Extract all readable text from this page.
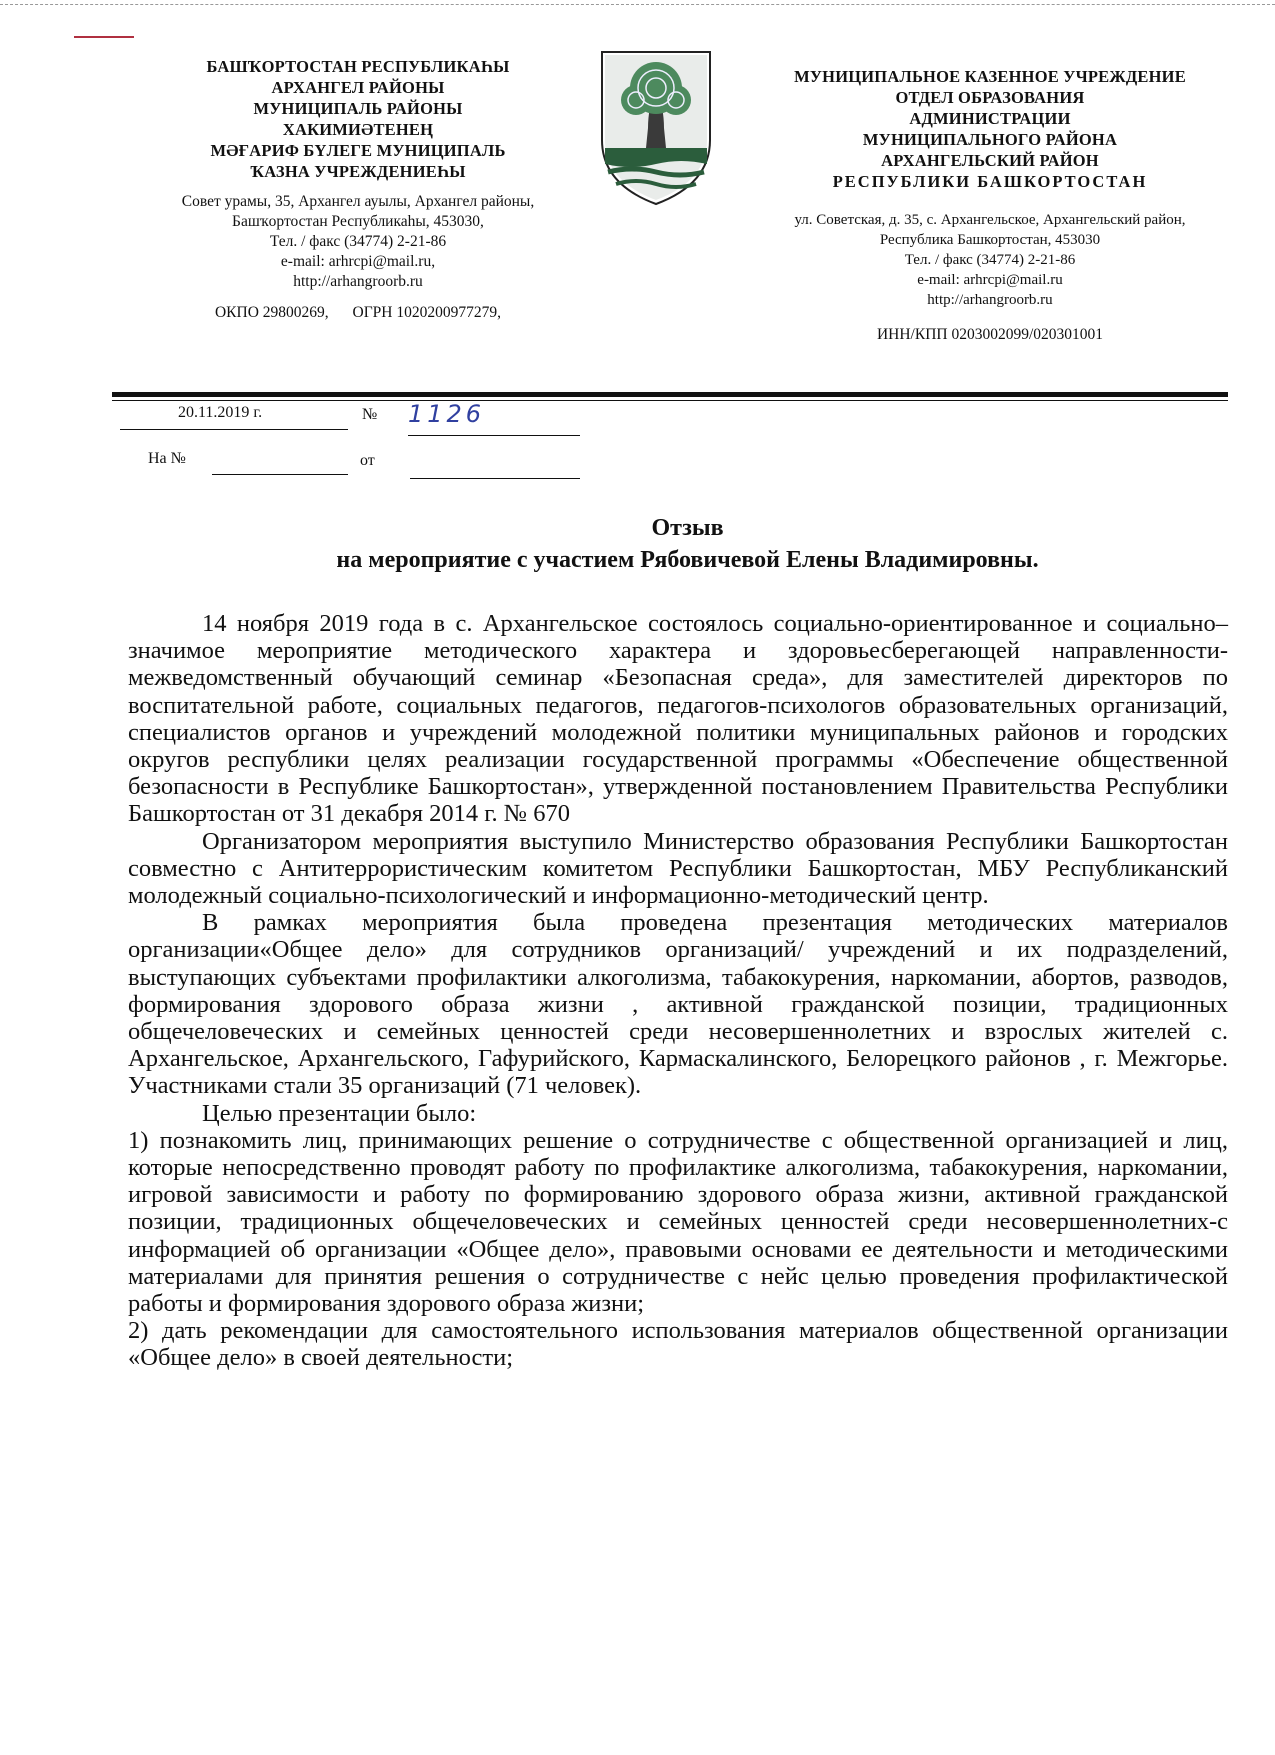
БАШҠОРТОСТАН РЕСПУБЛИКАҺЫ
АРХАНГЕЛ РАЙОНЫ
МУНИЦИПАЛЬ РАЙОНЫ
ХАКИМИӘТЕНЕҢ
МӘҒАРИФ БҮЛЕГЕ МУНИЦИПАЛЬ
ҠАЗНА УЧРЕЖДЕНИЕҺЫ
Совет урамы, 35, Архангел ауылы, Архангел районы,
Башҡортостан Республикаһы, 453030,
Тел. / факс (34774) 2-21-86
e-mail: arhrcpi@mail.ru,
http://arhangroorb.ru
ОКПО 29800269, ОГРН 1020200977279,
МУНИЦИПАЛЬНОЕ КАЗЕННОЕ УЧРЕЖДЕНИЕ
ОТДЕЛ ОБРАЗОВАНИЯ
АДМИНИСТРАЦИИ
МУНИЦИПАЛЬНОГО РАЙОНА
АРХАНГЕЛЬСКИЙ РАЙОН
РЕСПУБЛИКИ БАШКОРТОСТАН
ул. Советская, д. 35, с. Архангельское, Архангельский район,
Республика Башкортостан, 453030
Тел. / факс (34774) 2-21-86
e-mail: arhrcpi@mail.ru
http://arhangroorb.ru
ИНН/КПП 0203002099/020301001
20.11.2019 г.	№ 1126
На №	от
Отзыв
на мероприятие с участием Рябовичевой Елены Владимировны.

14 ноября 2019 года в с. Архангельское состоялось социально-ориентированное и социально–значимое мероприятие методического характера и здоровьесберегающей направленности-межведомственный обучающий семинар «Безопасная среда», для заместителей директоров по воспитательной работе, социальных педагогов, педагогов-психологов образовательных организаций, специалистов органов и учреждений молодежной политики муниципальных районов и городских округов республики целях реализации государственной программы «Обеспечение общественной безопасности в Республике Башкортостан», утвержденной постановлением Правительства Республики Башкортостан от 31 декабря 2014 г. № 670

Организатором мероприятия выступило Министерство образования Республики Башкортостан совместно с Антитеррористическим комитетом Республики Башкортостан, МБУ Республиканский молодежный социально-психологический и информационно-методический центр.

В рамках мероприятия была проведена презентация методических материалов организации«Общее дело» для сотрудников организаций/ учреждений и их подразделений, выступающих субъектами профилактики алкоголизма, табакокурения, наркомании, абортов, разводов, формирования здорового образа жизни , активной гражданской позиции, традиционных общечеловеческих и семейных ценностей среди несовершеннолетних и взрослых жителей с. Архангельское, Архангельского, Гафурийского, Кармаскалинского, Белорецкого районов , г. Межгорье. Участниками стали 35 организаций (71 человек).

Целью презентации было:

1) познакомить лиц, принимающих решение о сотрудничестве с общественной организацией и лиц, которые непосредственно проводят работу по профилактике алкоголизма, табакокурения, наркомании, игровой зависимости и работу по формированию здорового образа жизни, активной гражданской позиции, традиционных общечеловеческих и семейных ценностей среди несовершеннолетних-с информацией об организации «Общее дело», правовыми основами ее деятельности и методическими материалами для принятия решения о сотрудничестве с нейс целью проведения профилактической работы и формирования здорового образа жизни;

2) дать рекомендации для самостоятельного использования материалов общественной организации «Общее дело» в своей деятельности;
